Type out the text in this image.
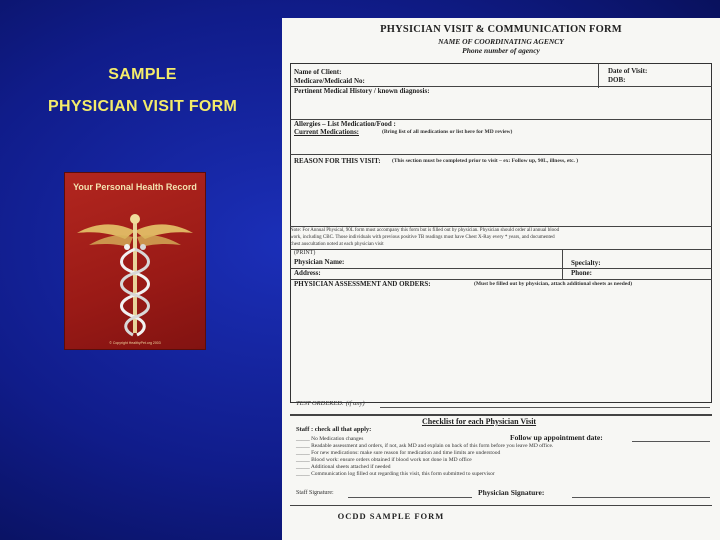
SAMPLE
PHYSICIAN VISIT FORM
Your Personal Health Record
© Copyright HealthyPet.org 2003
PHYSICIAN VISIT & COMMUNICATION FORM
NAME OF COORDINATING AGENCY
Phone number of agency
Name of Client:
Medicare/Medicaid No:
Date of Visit:
DOB:
Pertinent Medical History / known diagnosis:
Allergies – List Medication/Food :
Current Medications:	(Bring list of all medications or list here for MD review)
REASON FOR THIS VISIT: (This section must be completed prior to visit – ex: Follow up, 90L, illness, etc. )
Note: For Annual Physical, 90L form must accompany this form but is filled out by physician. Physician should order all annual blood
work, including CBC. Those individuals with previous positive TB readings must have Chest X-Ray every * years, and documented
chest auscultation noted at each physician visit
(PRINT)
Physician Name:	Specialty:
Address:	Phone:
PHYSICIAN ASSESSMENT AND ORDERS:	(Must be filled out by physician, attach additional sheets as needed)
TEST ORDERED: (if any)
Checklist for each Physician Visit
Staff : check all that apply:
Follow up appointment date:
_____ No Medication changes
_____ Readable assessment and orders, if not, ask MD and explain on back of this form before you leave MD office.
_____ For new medications: make sure reason for medication and time limits are understood
_____ Blood work: ensure orders obtained if blood work not done in MD office
_____ Additional sheets attached if needed
_____ Communication log filled out regarding this visit, this form submitted to supervisor
Staff Signature:	Physician Signature:
OCDD SAMPLE FORM
